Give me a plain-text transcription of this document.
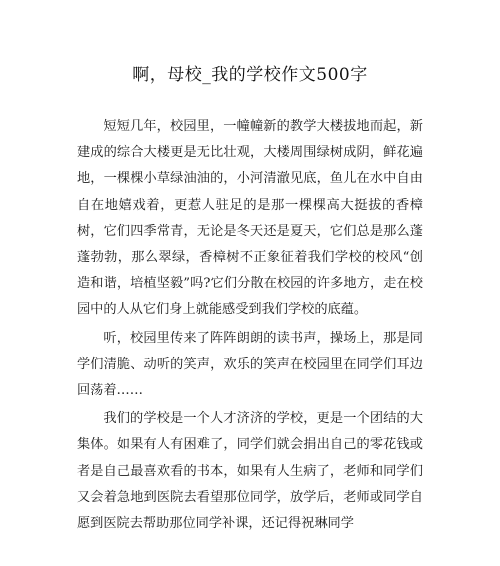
啊，母校_我的学校作文500字

短短几年，校园里，一幢幢新的教学大楼拔地而起，新建成的综合大楼更是无比壮观，大楼周围绿树成阴，鲜花遍地，一棵棵小草绿油油的，小河清澈见底，鱼儿在水中自由自在地嬉戏着，更惹人驻足的是那一棵棵高大挺拔的香樟树，它们四季常青，无论是冬天还是夏天，它们总是那么蓬蓬勃勃，那么翠绿，香樟树不正象征着我们学校的校风“创造和谐，培植坚毅”吗?它们分散在校园的许多地方，走在校园中的人从它们身上就能感受到我们学校的底蕴。

听，校园里传来了阵阵朗朗的读书声，操场上，那是同学们清脆、动听的笑声，欢乐的笑声在校园里在同学们耳边回荡着……

我们的学校是一个人才济济的学校，更是一个团结的大集体。如果有人有困难了，同学们就会捐出自己的零花钱或者是自己最喜欢看的书本，如果有人生病了，老师和同学们又会着急地到医院去看望那位同学，放学后，老师或同学自愿到医院去帮助那位同学补课，还记得祝琳同学
